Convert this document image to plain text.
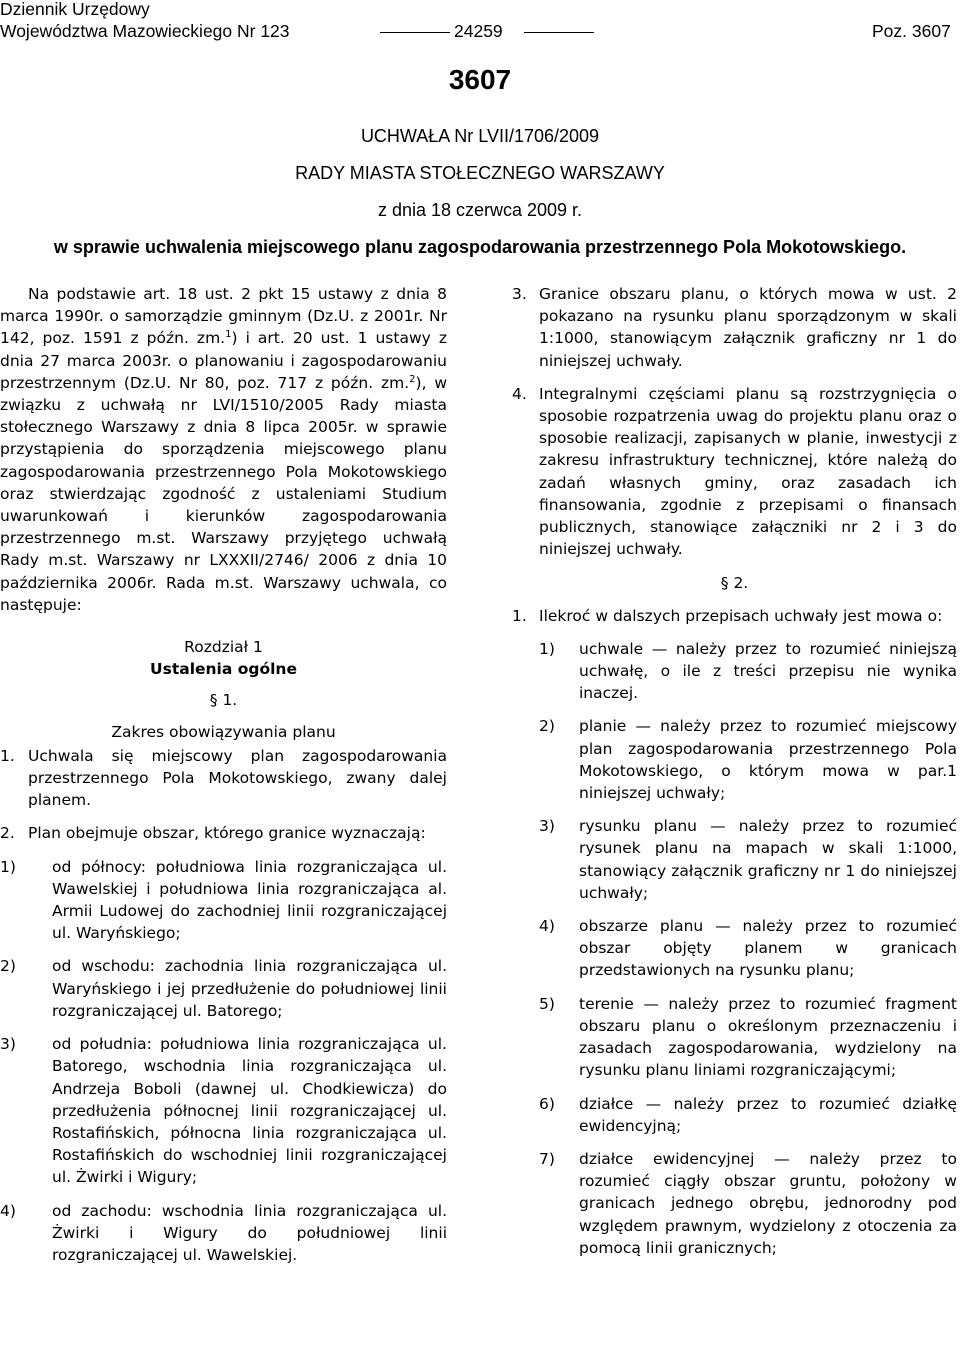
Dziennik Urzędowy
Województwa Mazowieckiego Nr 123	24259	Poz. 3607
3607
UCHWAŁA Nr LVII/1706/2009
RADY MIASTA STOŁECZNEGO WARSZAWY
z dnia 18 czerwca 2009 r.
w sprawie uchwalenia miejscowego planu zagospodarowania przestrzennego Pola Mokotowskiego.

Na podstawie art. 18 ust. 2 pkt 15 ustawy z dnia 8 marca 1990r. o samorządzie gminnym (Dz.U. z 2001r. Nr 142, poz. 1591 z późn. zm.$^1$) i art. 20 ust. 1 ustawy z dnia 27 marca 2003r. o planowaniu i zagospodarowaniu przestrzennym (Dz.U. Nr 80, poz. 717 z późn. zm.$^2$), w związku z uchwałą nr LVI/1510/2005 Rady miasta stołecznego Warszawy z dnia 8 lipca 2005r. w sprawie przystąpienia do sporządzenia miejscowego planu zagospodarowania przestrzennego Pola Mokotowskiego oraz stwierdzając zgodność z ustaleniami Studium uwarunkowań i kierunków zagospodarowania przestrzennego m.st. Warszawy przyjętego uchwałą Rady m.st. Warszawy nr LXXXII/2746/ 2006 z dnia 10 października 2006r. Rada m.st. Warszawy uchwala, co następuje:

Rozdział 1

Ustalenia ogólne

§ 1.

Zakres obowiązywania planu

1. Uchwala się miejscowy plan zagospodarowania przestrzennego Pola Mokotowskiego, zwany dalej planem.
2. Plan obejmuje obszar, którego granice wyznaczają:
1)	od północy: południowa linia rozgraniczająca ul. Wawelskiej i południowa linia rozgraniczająca al. Armii Ludowej do zachodniej linii rozgraniczającej ul. Waryńskiego;
2)	od wschodu: zachodnia linia rozgraniczająca ul. Waryńskiego i jej przedłużenie do południowej linii rozgraniczającej ul. Batorego;
3)	od południa: południowa linia rozgraniczająca ul. Batorego, wschodnia linia rozgraniczająca ul. Andrzeja Boboli (dawnej ul. Chodkiewicza) do przedłużenia północnej linii rozgraniczającej ul. Rostafińskich, północna linia rozgraniczająca ul. Rostafińskich do wschodniej linii rozgraniczającej ul. Żwirki i Wigury;
4)	od zachodu: wschodnia linia rozgraniczająca ul. Żwirki i Wigury do południowej linii rozgraniczającej ul. Wawelskiej.
3. Granice obszaru planu, o których mowa w ust. 2 pokazano na rysunku planu sporządzonym w skali 1:1000, stanowiącym załącznik graficzny nr 1 do niniejszej uchwały.
4. Integralnymi częściami planu są rozstrzygnięcia o sposobie rozpatrzenia uwag do projektu planu oraz o sposobie realizacji, zapisanych w planie, inwestycji z zakresu infrastruktury technicznej, które należą do zadań własnych gminy, oraz zasadach ich finansowania, zgodnie z przepisami o finansach publicznych, stanowiące załączniki nr 2 i 3 do niniejszej uchwały.

§ 2.

1. Ilekroć w dalszych przepisach uchwały jest mowa o:
1)	uchwale — należy przez to rozumieć niniejszą uchwałę, o ile z treści przepisu nie wynika inaczej.
2)	planie — należy przez to rozumieć miejscowy plan zagospodarowania przestrzennego Pola Mokotowskiego, o którym mowa w par.1 niniejszej uchwały;
3)	rysunku planu — należy przez to rozumieć rysunek planu na mapach w skali 1:1000, stanowiący załącznik graficzny nr 1 do niniejszej uchwały;
4)	obszarze planu — należy przez to rozumieć obszar objęty planem w granicach przedstawionych na rysunku planu;
5)	terenie — należy przez to rozumieć fragment obszaru planu o określonym przeznaczeniu i zasadach zagospodarowania, wydzielony na rysunku planu liniami rozgraniczającymi;
6)	działce — należy przez to rozumieć działkę ewidencyjną;
7)	działce ewidencyjnej — należy przez to rozumieć ciągły obszar gruntu, położony w granicach jednego obrębu, jednorodny pod względem prawnym, wydzielony z otoczenia za pomocą linii granicznych;
